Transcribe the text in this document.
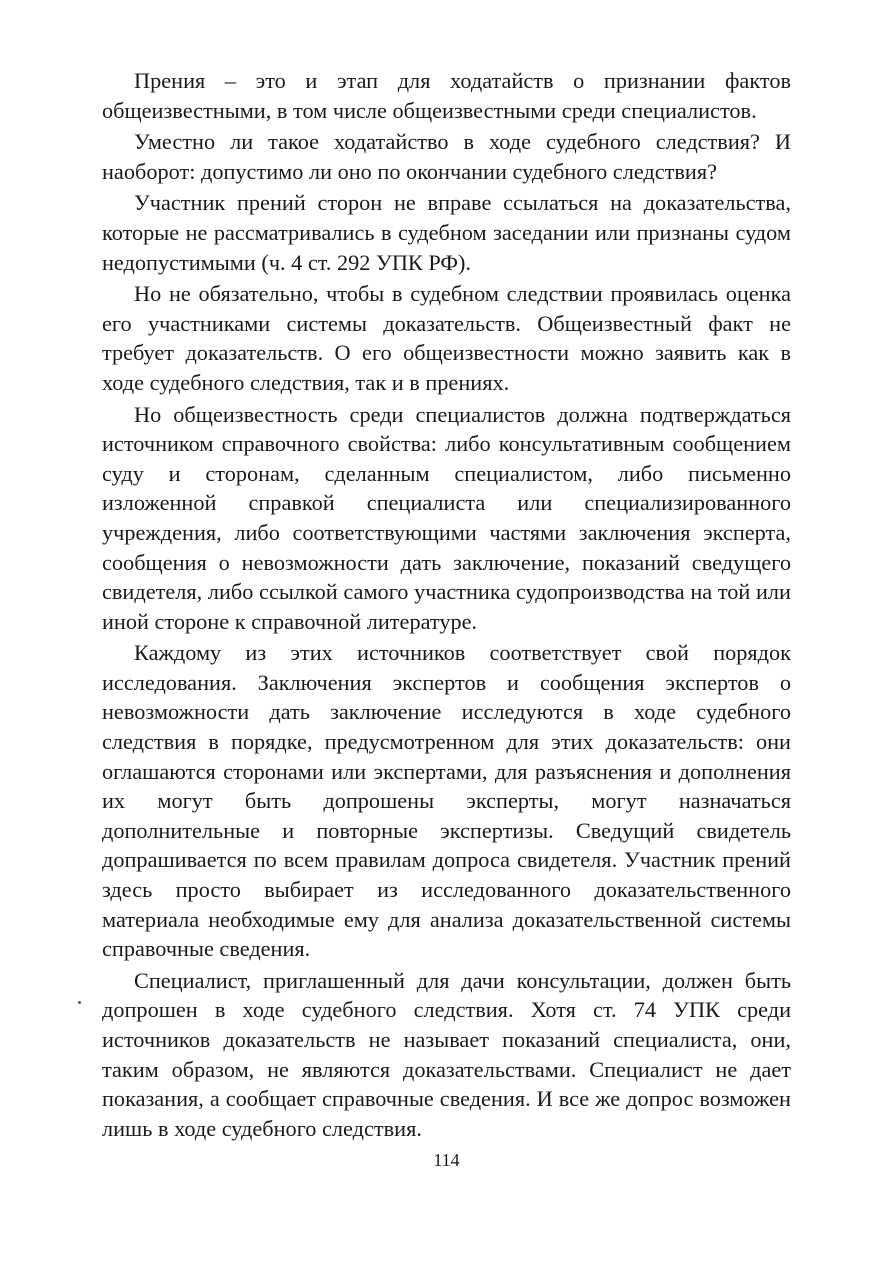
Прения – это и этап для ходатайств о признании фактов общеизвестными, в том числе общеизвестными среди специалистов.

Уместно ли такое ходатайство в ходе судебного следствия? И наоборот: допустимо ли оно по окончании судебного следствия?

Участник прений сторон не вправе ссылаться на доказательства, которые не рассматривались в судебном заседании или признаны судом недопустимыми (ч. 4 ст. 292 УПК РФ).

Но не обязательно, чтобы в судебном следствии проявилась оценка его участниками системы доказательств. Общеизвестный факт не требует доказательств. О его общеизвестности можно заявить как в ходе судебного следствия, так и в прениях.

Но общеизвестность среди специалистов должна подтверждаться источником справочного свойства: либо консультативным сообщением суду и сторонам, сделанным специалистом, либо письменно изложенной справкой специалиста или специализированного учреждения, либо соответствующими частями заключения эксперта, сообщения о невозможности дать заключение, показаний сведущего свидетеля, либо ссылкой самого участника судопроизводства на той или иной стороне к справочной литературе.

Каждому из этих источников соответствует свой порядок исследования. Заключения экспертов и сообщения экспертов о невозможности дать заключение исследуются в ходе судебного следствия в порядке, предусмотренном для этих доказательств: они оглашаются сторонами или экспертами, для разъяснения и дополнения их могут быть допрошены эксперты, могут назначаться дополнительные и повторные экспертизы. Сведущий свидетель допрашивается по всем правилам допроса свидетеля. Участник прений здесь просто выбирает из исследованного доказательственного материала необходимые ему для анализа доказательственной системы справочные сведения.

Специалист, приглашенный для дачи консультации, должен быть допрошен в ходе судебного следствия. Хотя ст. 74 УПК среди источников доказательств не называет показаний специалиста, они, таким образом, не являются доказательствами. Специалист не дает показания, а сообщает справочные сведения. И все же допрос возможен лишь в ходе судебного следствия.

114
